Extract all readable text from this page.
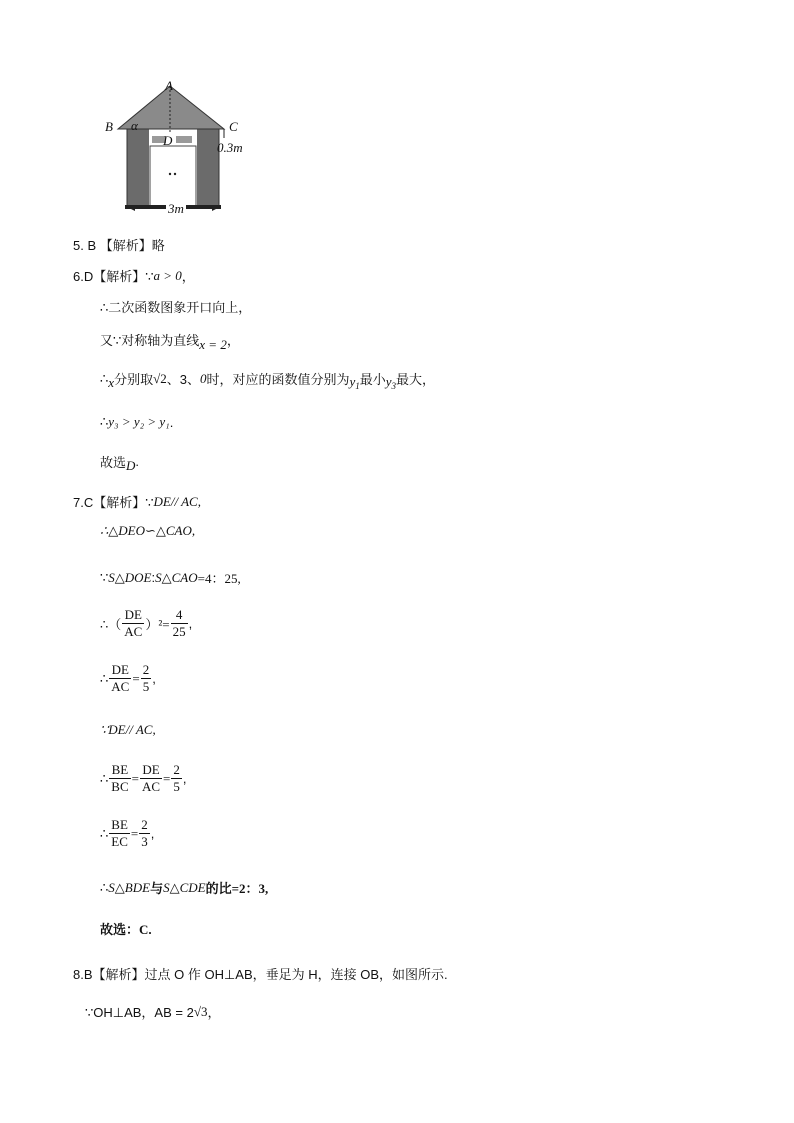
A
B α
D
C
0.3m
3m
5. B 【解析】略
6.D【解析】∵ a > 0 ，
∴二次函数图象开口向上，
又∵对称轴为直线 x = 2 ，
∴ x 分别取 √2 、3、 0 时，对应的函数值分别为 $y_1$ 最小 $y_3$ 最大，
∴ y₃ > y₂ > y₁ .
故选 D .
7.C【解析】∵ DE// AC,
∴△DEO∽△CAO,
∵ S△DOE : S△CAO =4：25,
∴（ $\frac{DE}{AC} )^2= \frac{4}{25}$ ,
∴ $\frac{DE}{AC} = \frac{2}{5}$ ,
∵DE// AC,
∴ $\frac{BE}{BC} = \frac{DE}{AC} = \frac{2}{5}$ ,
∴ $\frac{BE}{EC} = \frac{2}{3}$ ,
∴ S△BDE 与 S△CDE 的比=2：3,
故选：C.
8.B【解析】 过点 O 作 OH⊥AB，垂足为 H，连接 OB，如图所示.
∵OH⊥AB，AB = 2 √3 ，
